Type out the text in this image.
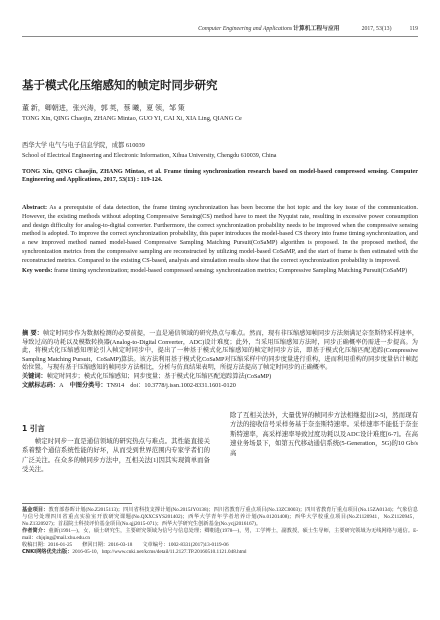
Computer Engineering and Applications 计算机工程与应用	2017, 53(13)	119
基于模式化压缩感知的帧定时同步研究
董 新，卿朝进，张兴涛，郭 英，蔡 曦，夏 领，邹 策
TONG Xin, QING Chaojin, ZHANG Mintao, GUO YI, CAI Xi, XIA Ling, QIANG Ce
西华大学 电气与电子信息学院，成都 610039
School of Electrical Engineering and Electronic Information, Xihua University, Chengdu 610039, China
TONG Xin, QING Chaojin, ZHANG Mintao, et al. Frame timing synchronization research based on model-based compressed sensing. Computer Engineering and Applications, 2017, 53(13) : 119-124.

Abstract: As a prerequisite of data detection, the frame timing synchronization has been become the hot topic and the key issue of the communication. However, the existing methods without adopting Compressive Sensing(CS) method have to meet the Nyquist rate, resulting in excessive power consumption and design difficulty for analog-to-digital converter. Furthermore, the correct synchronization probability needs to be improved when the compressive sensing method is adopted. To improve the correct synchronization probability, this paper introduces the model-based CS theory into frame timing synchronization, and a new improved method named model-based Compressive Sampling Matching Pursuit(CoSaMP) algorithm is proposed. In the proposed method, the synchronization metrics from the compressive sampling are reconstructed by utilizing model-based CoSaMP, and the start of frame is then estimated with the reconstructed metrics. Compared to the existing CS-based, analysis and simulation results show that the correct synchronization probability is improved.

Key words: frame timing synchronization; model-based compressed sensing; synchronization metrics; Compressive Sampling Matching Pursuit(CoSaMP)

摘 要：帧定时同步作为数据检测的必要前提，一直是通信领域的研究热点与难点。然而，现有非压缩感知帧同步方法须满足奈奎斯特采样速率，导致过高的功耗以及模数转换器(Analog-to-Digital Converter，ADC)设计难度；此外，当采用压缩感知方法时，同步正确概率仍需进一步提高。为此，将模式化压缩感知理论引入帧定时同步中，提出了一种基于模式化压缩感知的帧定时同步方法，即基于模式化压缩匹配追踪(Compressive Sampling Matching Pursuit，CoSaMP)算法。该方法利用基于模式化CoSaMP对压缩采样中的同步度量进行重构，进而利用重构的同步度量估计帧起始位置。与现有基于压缩感知的帧同步方法相比，分析与仿真结果表明，所提方法提高了帧定时同步的正确概率。

关键词：帧定时同步；模式化压缩感知；同步度量；基于模式化压缩匹配追踪算法(CoSaMP)

文献标志码：A 中图分类号：TN914 doi：10.3778/j.issn.1002-8331.1601-0120

1 引言
帧定时同步一直是通信领域的研究热点与难点。其性能直接关系着整个通信系统性能的好坏，从而受到世界范围内专家学者们的广泛关注。在众多的帧同步方法中，互相关法[1]因其实现简单而备受关注。
除了互相关法外，大量优异的帧同步方法相继提出[2-5]，然而现有方法的接收信号采样务基于奈奎斯特速率。采样速率不能低于奈奎斯特速率，高采样速率导致过度功耗以及ADC设计难度[6-7]。在高速业务场景下，如第五代移动通信系统(5-Generation，5G)的10 Gb/s高

基金项目：教育部春晖计划(No.Z2015113)；四川省科技支撑计划(No.2015JY0138)；四川省教育厅重点项目(No.13ZC0003)；四川省教育厅重点项目(No.15ZA0134)；气象信息与信号处理四川省重点实验室开放研究课题(No.QXXCSYS201402)；西华大学青年学者培养计划(No.01201408)；西华大学校重点项目(No.Z1120941，No.Z1120945，No.Z1320927)；首届院士科技评价基金项目(No.qjj2015-071)；西华大学研究生创新基金(No.ycjj2016167)。

作者简介：童新(1991—)，女，硕士研究生，主要研究领域为信号与信息处理；卿朝进(1978—)，男，工学博士，副教授，硕士生导师，主要研究领域为无线网络与通信。E-mail：chjqing@mail.xhu.edu.cn

收稿日期：2016-01-25 修回日期：2016-03-18 文章编号：1002-8331(2017)13-0119-06

CNKI网络优先出版：2016-05-10，http://www.cnki.net/kcms/detail/11.2127.TP.20160510.1121.048.html
